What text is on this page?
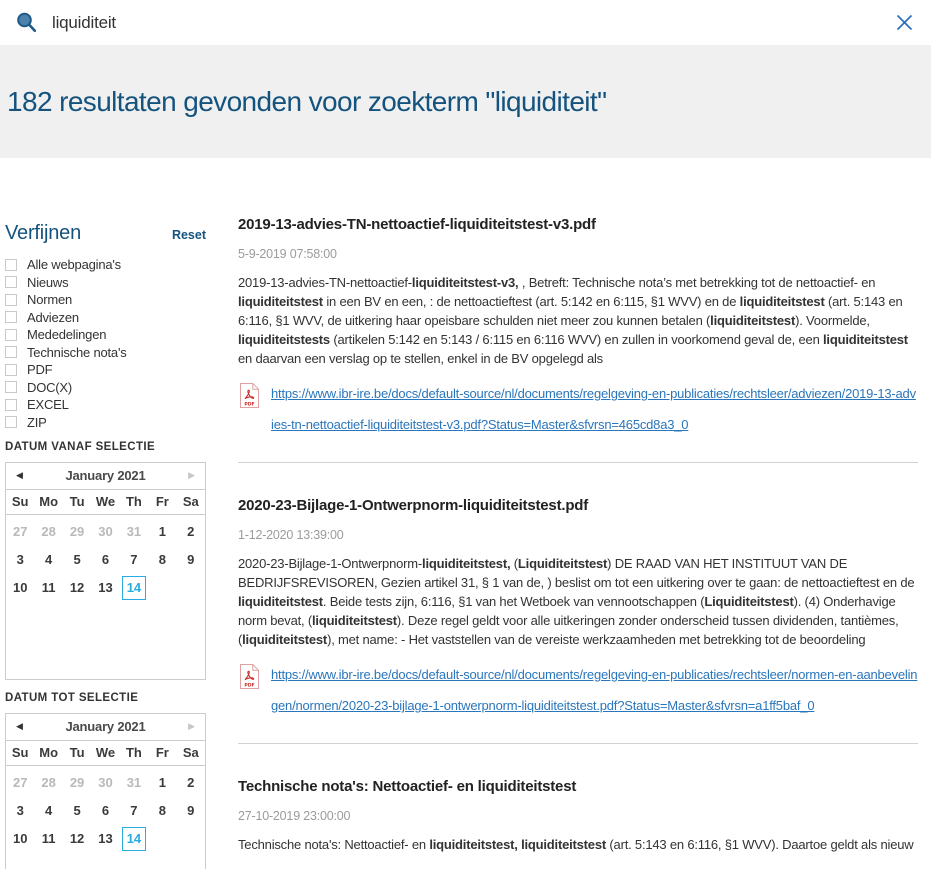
liquiditeit
182 resultaten gevonden voor zoekterm "liquiditeit"
Verfijnen	Reset
Alle webpagina's
Nieuws
Normen
Adviezen
Mededelingen
Technische nota's
PDF
DOC(X)
EXCEL
ZIP
DATUM VANAF SELECTIE
◀	January 2021	▶
Su Mo Tu We Th	Fr	Sa
27	28	29	30	31	1	2
3	4	5	6	7	8	9
10	11	12	13	14
DATUM TOT SELECTIE
◀	January 2021	▶
Su Mo Tu We Th	Fr	Sa
27	28	29	30	31	1	2
3	4	5	6	7	8	9
10	11	12	13	14
2019-13-advies-TN-nettoactief-liquiditeitstest-v3.pdf
5-9-2019 07:58:00

2019-13-advies-TN-nettoactief-liquiditeitstest-v3, , Betreft: Technische nota’s met betrekking tot de nettoactief- en liquiditeitstest in een BV en een, : de nettoactieftest (art. 5:142 en 6:115, §1 WVV) en de liquiditeitstest (art. 5:143 en 6:116, §1 WVV, de uitkering haar opeisbare schulden niet meer zou kunnen betalen (liquiditeitstest). Voormelde, liquiditeitstests (artikelen 5:142 en 5:143 / 6:115 en 6:116 WVV) en zullen in voorkomend geval de, een liquiditeitstest en daarvan een verslag op te stellen, enkel in de BV opgelegd als

PDF
https://www.ibr-ire.be/docs/default-source/nl/documents/regelgeving-en-publicaties/rechtsleer/adviezen/2019-13-advies-tn-nettoactief-liquiditeitstest-v3.pdf?Status=Master&sfvrsn=465cd8a3_0
2020-23-Bijlage-1-Ontwerpnorm-liquiditeitstest.pdf
1-12-2020 13:39:00

2020-23-Bijlage-1-Ontwerpnorm-liquiditeitstest, (Liquiditeitstest) DE RAAD VAN HET INSTITUUT VAN DE BEDRIJFSREVISOREN, Gezien artikel 31, § 1 van de, ) beslist om tot een uitkering over te gaan: de nettoactieftest en de liquiditeitstest. Beide tests zijn, 6:116, §1 van het Wetboek van vennootschappen (Liquiditeitstest). (4) Onderhavige norm bevat, (liquiditeitstest). Deze regel geldt voor alle uitkeringen zonder onderscheid tussen dividenden, tantièmes, (liquiditeitstest), met name: - Het vaststellen van de vereiste werkzaamheden met betrekking tot de beoordeling

PDF
https://www.ibr-ire.be/docs/default-source/nl/documents/regelgeving-en-publicaties/rechtsleer/normen-en-aanbevelingen/normen/2020-23-bijlage-1-ontwerpnorm-liquiditeitstest.pdf?Status=Master&sfvrsn=a1ff5baf_0
Technische nota's: Nettoactief- en liquiditeitstest
27-10-2019 23:00:00

Technische nota's: Nettoactief- en liquiditeitstest, liquiditeitstest (art. 5:143 en 6:116, §1 WVV). Daartoe geldt als nieuw
